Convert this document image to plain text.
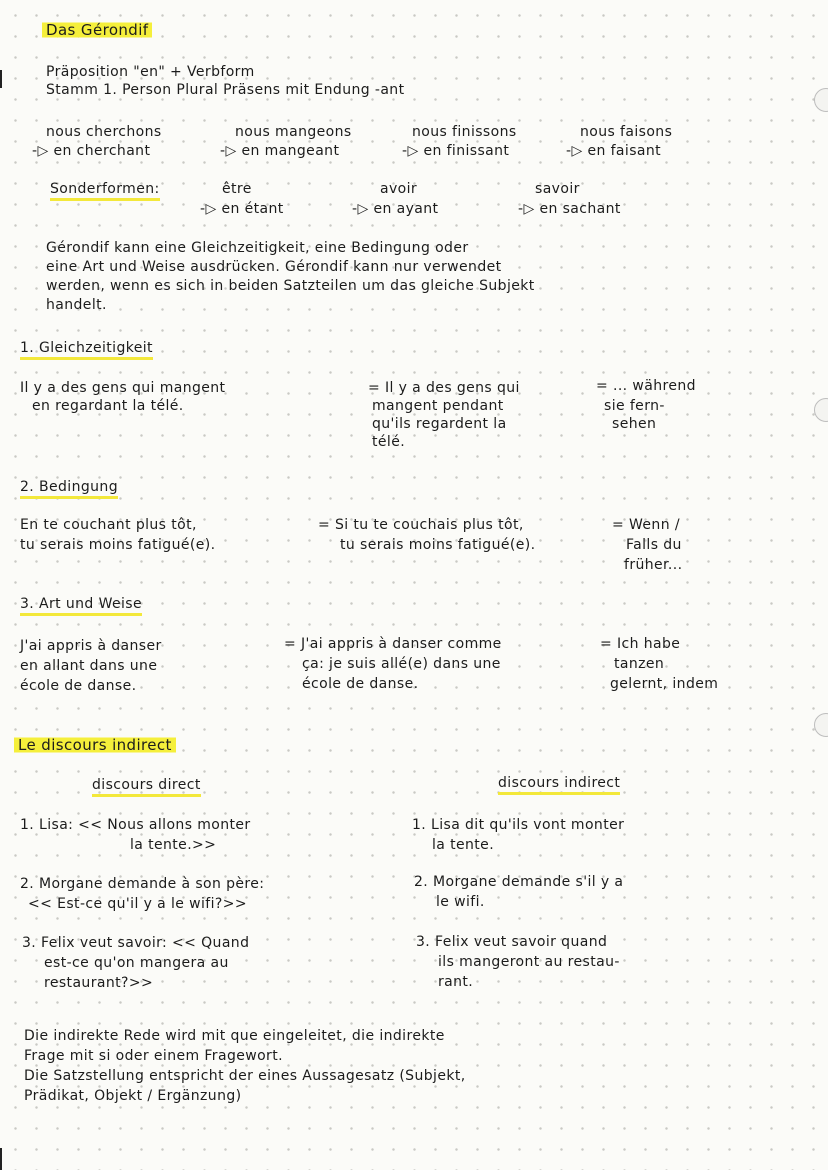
Das Gérondif
Präposition "en" + Verbform
Stamm 1. Person Plural Präsens mit Endung -ant
nous cherchons
-▷ en cherchant
nous mangeons
-▷ en mangeant
nous finissons
-▷ en finissant
nous faisons
-▷ en faisant
Sonderformen:	être
-▷ en étant
avoir
-▷ en ayant
savoir
-▷ en sachant
Gérondif kann eine Gleichzeitigkeit, eine Bedingung oder
eine Art und Weise ausdrücken. Gérondif kann nur verwendet
werden, wenn es sich in beiden Satzteilen um das gleiche Subjekt
handelt.
1. Gleichzeitigkeit
Il y a des gens qui mangent
en regardant la télé.
= Il y a des gens qui
mangent pendant
qu'ils regardent la
télé.
= ... während
sie fern-
sehen
2. Bedingung
En te couchant plus tôt,
tu serais moins fatigué(e).
= Si tu te couchais plus tôt,
tu serais moins fatigué(e).
= Wenn /
Falls du
früher...
3. Art und Weise
J'ai appris à danser
en allant dans une
école de danse.
= J'ai appris à danser comme
ça: je suis allé(e) dans une
école de danse.
= Ich habe
tanzen
gelernt, indem
Le discours indirect
discours direct	discours indirect
1. Lisa: << Nous allons monter
la tente.>>
1. Lisa dit qu'ils vont monter
la tente.
2. Morgane demande à son père:
<< Est-ce qu'il y a le wifi?>>
2. Morgane demande s'il y a
le wifi.
3. Felix veut savoir: << Quand
est-ce qu'on mangera au
restaurant?>>
3. Felix veut savoir quand
ils mangeront au restau-
rant.
Die indirekte Rede wird mit que eingeleitet, die indirekte
Frage mit si oder einem Fragewort.
Die Satzstellung entspricht der eines Aussagesatz (Subjekt,
Prädikat, Objekt / Ergänzung)
